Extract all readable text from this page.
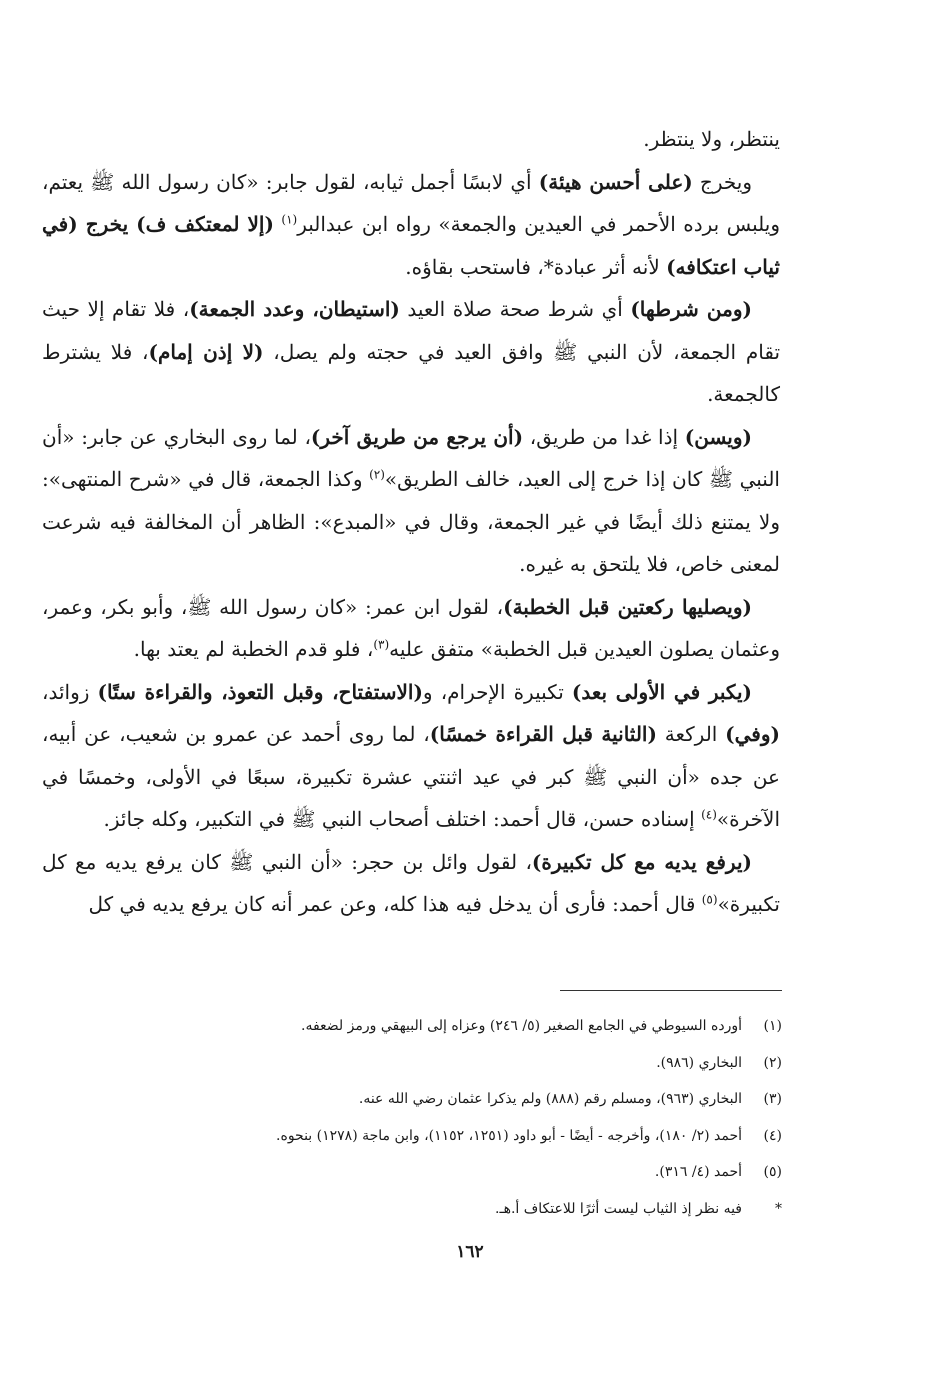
ينتظر، ولا ينتظر.

ويخرج (على أحسن هيئة) أي لابسًا أجمل ثيابه، لقول جابر: «كان رسول الله ﷺ يعتم، ويلبس برده الأحمر في العيدين والجمعة» رواه ابن عبدالبر$^{(١)}$ (إلا لمعتكف ف) يخرج (في ثياب اعتكافه) لأنه أثر عبادة*، فاستحب بقاؤه.

(ومن شرطها) أي شرط صحة صلاة العيد (استيطان، وعدد الجمعة)، فلا تقام إلا حيث تقام الجمعة، لأن النبي ﷺ وافق العيد في حجته ولم يصل، (لا إذن إمام)، فلا يشترط كالجمعة.

(ويسن) إذا غدا من طريق، (أن يرجع من طريق آخر)، لما روى البخاري عن جابر: «أن النبي ﷺ كان إذا خرج إلى العيد، خالف الطريق»$^{(٢)}$ وكذا الجمعة، قال في «شرح المنتهى»: ولا يمتنع ذلك أيضًا في غير الجمعة، وقال في «المبدع»: الظاهر أن المخالفة فيه شرعت لمعنى خاص، فلا يلتحق به غيره.

(ويصليها ركعتين قبل الخطبة)، لقول ابن عمر: «كان رسول الله ﷺ، وأبو بكر، وعمر، وعثمان يصلون العيدين قبل الخطبة» متفق عليه$^{(٣)}$، فلو قدم الخطبة لم يعتد بها.

(يكبر في الأولى بعد) تكبيرة الإحرام، و(الاستفتاح، وقبل التعوذ، والقراءة ستًا) زوائد، (وفي) الركعة (الثانية قبل القراءة خمسًا)، لما روى أحمد عن عمرو بن شعيب، عن أبيه، عن جده «أن النبي ﷺ كبر في عيد اثنتي عشرة تكبيرة، سبعًا في الأولى، وخمسًا في الآخرة»$^{(٤)}$ إسناده حسن، قال أحمد: اختلف أصحاب النبي ﷺ في التكبير، وكله جائز.

(يرفع يديه مع كل تكبيرة)، لقول وائل بن حجر: «أن النبي ﷺ كان يرفع يديه مع كل تكبيرة»$^{(٥)}$ قال أحمد: فأرى أن يدخل فيه هذا كله، وعن عمر أنه كان يرفع يديه في كل

(١)
أورده السيوطي في الجامع الصغير (٥/ ٢٤٦) وعزاه إلى البيهقي ورمز لضعفه.
(٢)
البخاري (٩٨٦).
(٣)
البخاري (٩٦٣)، ومسلم رقم (٨٨٨) ولم يذكرا عثمان رضي الله عنه.
(٤)
أحمد (٢/ ١٨٠)، وأخرجه - أيضًا - أبو داود (١٢٥١، ١١٥٢)، وابن ماجة (١٢٧٨) بنحوه.
(٥)
أحمد (٤/ ٣١٦).
*
فيه نظر إذ الثياب ليست أثرًا للاعتكاف أ.هـ.
١٦٢
